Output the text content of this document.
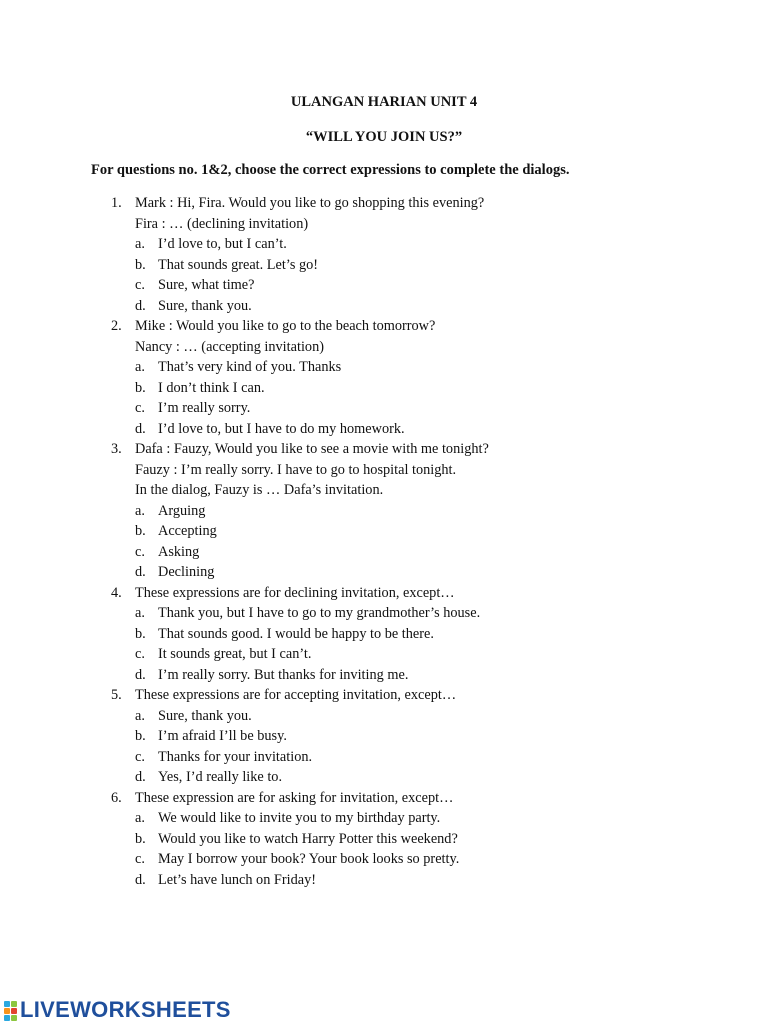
ULANGAN HARIAN UNIT 4
“WILL YOU JOIN US?”
For questions no. 1&2, choose the correct expressions to complete the dialogs.
1. Mark : Hi, Fira. Would you like to go shopping this evening?
Fira : … (declining invitation)
a. I’d love to, but I can’t.
b. That sounds great. Let’s go!
c. Sure, what time?
d. Sure, thank you.
2. Mike : Would you like to go to the beach tomorrow?
Nancy : … (accepting invitation)
a. That’s very kind of you. Thanks
b. I don’t think I can.
c. I’m really sorry.
d. I’d love to, but I have to do my homework.
3. Dafa : Fauzy, Would you like to see a movie with me tonight?
Fauzy : I’m really sorry. I have to go to hospital tonight.
In the dialog, Fauzy is … Dafa’s invitation.
a. Arguing
b. Accepting
c. Asking
d. Declining
4. These expressions are for declining invitation, except…
a. Thank you, but I have to go to my grandmother’s house.
b. That sounds good. I would be happy to be there.
c. It sounds great, but I can’t.
d. I’m really sorry. But thanks for inviting me.
5. These expressions are for accepting invitation, except…
a. Sure, thank you.
b. I’m afraid I’ll be busy.
c. Thanks for your invitation.
d. Yes, I’d really like to.
6. These expression are for asking for invitation, except…
a. We would like to invite you to my birthday party.
b. Would you like to watch Harry Potter this weekend?
c. May I borrow your book? Your book looks so pretty.
d. Let’s have lunch on Friday!
LIVEWORKSHEETS
